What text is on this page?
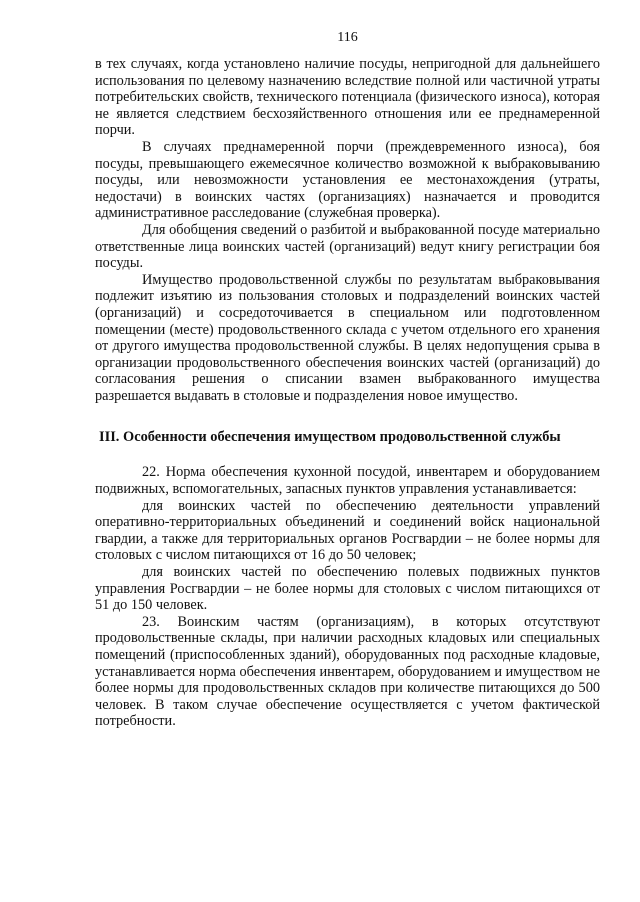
116

в тех случаях, когда установлено наличие посуды, непригодной для дальнейшего использования по целевому назначению вследствие полной или частичной утраты потребительских свойств, технического потенциала (физического износа), которая не является следствием бесхозяйственного отношения или ее преднамеренной порчи.

В случаях преднамеренной порчи (преждевременного износа), боя посуды, превышающего ежемесячное количество возможной к выбраковыванию посуды, или невозможности установления ее местонахождения (утраты, недостачи) в воинских частях (организациях) назначается и проводится административное расследование (служебная проверка).

Для обобщения сведений о разбитой и выбракованной посуде материально ответственные лица воинских частей (организаций) ведут книгу регистрации боя посуды.

Имущество продовольственной службы по результатам выбраковывания подлежит изъятию из пользования столовых и подразделений воинских частей (организаций) и сосредоточивается в специальном или подготовленном помещении (месте) продовольственного склада с учетом отдельного его хранения от другого имущества продовольственной службы. В целях недопущения срыва в организации продовольственного обеспечения воинских частей (организаций) до согласования решения о списании взамен выбракованного имущества разрешается выдавать в столовые и подразделения новое имущество.

III. Особенности обеспечения имуществом продовольственной службы

22. Норма обеспечения кухонной посудой, инвентарем и оборудованием подвижных, вспомогательных, запасных пунктов управления устанавливается:

для воинских частей по обеспечению деятельности управлений оперативно-территориальных объединений и соединений войск национальной гвардии, а также для территориальных органов Росгвардии – не более нормы для столовых с числом питающихся от 16 до 50 человек;

для воинских частей по обеспечению полевых подвижных пунктов управления Росгвардии – не более нормы для столовых с числом питающихся от 51 до 150 человек.

23. Воинским частям (организациям), в которых отсутствуют продовольственные склады, при наличии расходных кладовых или специальных помещений (приспособленных зданий), оборудованных под расходные кладовые, устанавливается норма обеспечения инвентарем, оборудованием и имуществом не более нормы для продовольственных складов при количестве питающихся до 500 человек. В таком случае обеспечение осуществляется с учетом фактической потребности.
